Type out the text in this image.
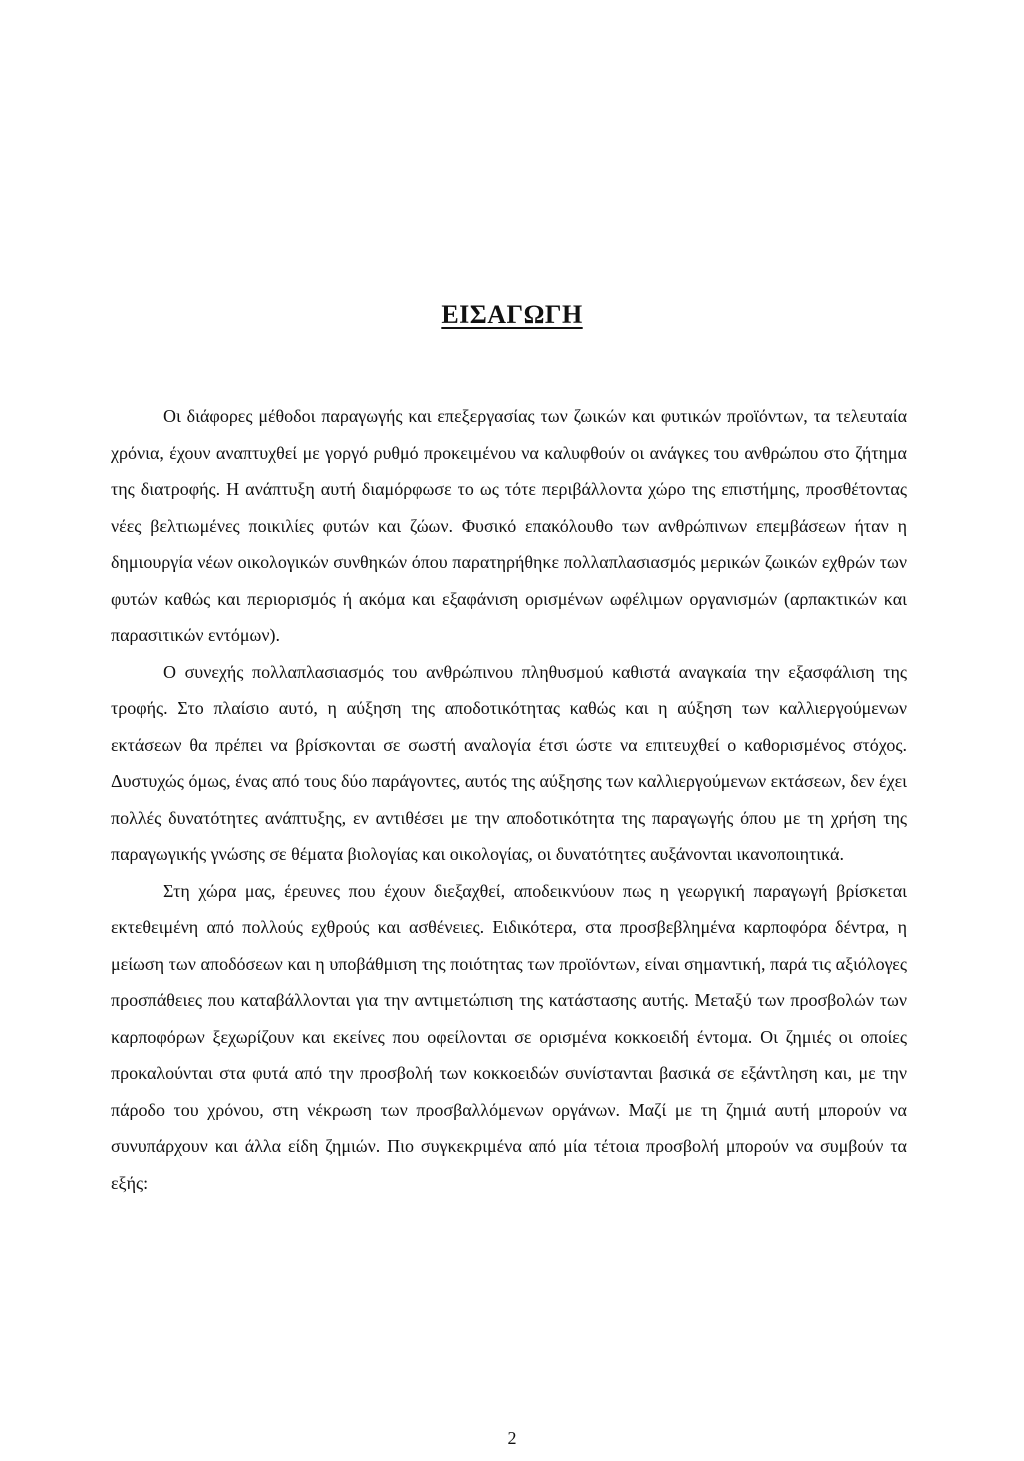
ΕΙΣΑΓΩΓΗ

Οι διάφορες μέθοδοι παραγωγής και επεξεργασίας των ζωικών και φυτικών προϊόντων, τα τελευταία χρόνια, έχουν αναπτυχθεί με γοργό ρυθμό προκειμένου να καλυφθούν οι ανάγκες του ανθρώπου στο ζήτημα της διατροφής. Η ανάπτυξη αυτή διαμόρφωσε το ως τότε περιβάλλοντα χώρο της επιστήμης, προσθέτοντας νέες βελτιωμένες ποικιλίες φυτών και ζώων. Φυσικό επακόλουθο των ανθρώπινων επεμβάσεων ήταν η δημιουργία νέων οικολογικών συνθηκών όπου παρατηρήθηκε πολλαπλασιασμός μερικών ζωικών εχθρών των φυτών καθώς και περιορισμός ή ακόμα και εξαφάνιση ορισμένων ωφέλιμων οργανισμών (αρπακτικών και παρασιτικών εντόμων).

Ο συνεχής πολλαπλασιασμός του ανθρώπινου πληθυσμού καθιστά αναγκαία την εξασφάλιση της τροφής. Στο πλαίσιο αυτό, η αύξηση της αποδοτικότητας καθώς και η αύξηση των καλλιεργούμενων εκτάσεων θα πρέπει να βρίσκονται σε σωστή αναλογία έτσι ώστε να επιτευχθεί ο καθορισμένος στόχος. Δυστυχώς όμως, ένας από τους δύο παράγοντες, αυτός της αύξησης των καλλιεργούμενων εκτάσεων, δεν έχει πολλές δυνατότητες ανάπτυξης, εν αντιθέσει με την αποδοτικότητα της παραγωγής όπου με τη χρήση της παραγωγικής γνώσης σε θέματα βιολογίας και οικολογίας, οι δυνατότητες αυξάνονται ικανοποιητικά.

Στη χώρα μας, έρευνες που έχουν διεξαχθεί, αποδεικνύουν πως η γεωργική παραγωγή βρίσκεται εκτεθειμένη από πολλούς εχθρούς και ασθένειες. Ειδικότερα, στα προσβεβλημένα καρποφόρα δέντρα, η μείωση των αποδόσεων και η υποβάθμιση της ποιότητας των προϊόντων, είναι σημαντική, παρά τις αξιόλογες προσπάθειες που καταβάλλονται για την αντιμετώπιση της κατάστασης αυτής. Μεταξύ των προσβολών των καρποφόρων ξεχωρίζουν και εκείνες που οφείλονται σε ορισμένα κοκκοειδή έντομα. Οι ζημιές οι οποίες προκαλούνται στα φυτά από την προσβολή των κοκκοειδών συνίστανται βασικά σε εξάντληση και, με την πάροδο του χρόνου, στη νέκρωση των προσβαλλόμενων οργάνων. Μαζί με τη ζημιά αυτή μπορούν να συνυπάρχουν και άλλα είδη ζημιών. Πιο συγκεκριμένα από μία τέτοια προσβολή μπορούν να συμβούν τα εξής:

2
